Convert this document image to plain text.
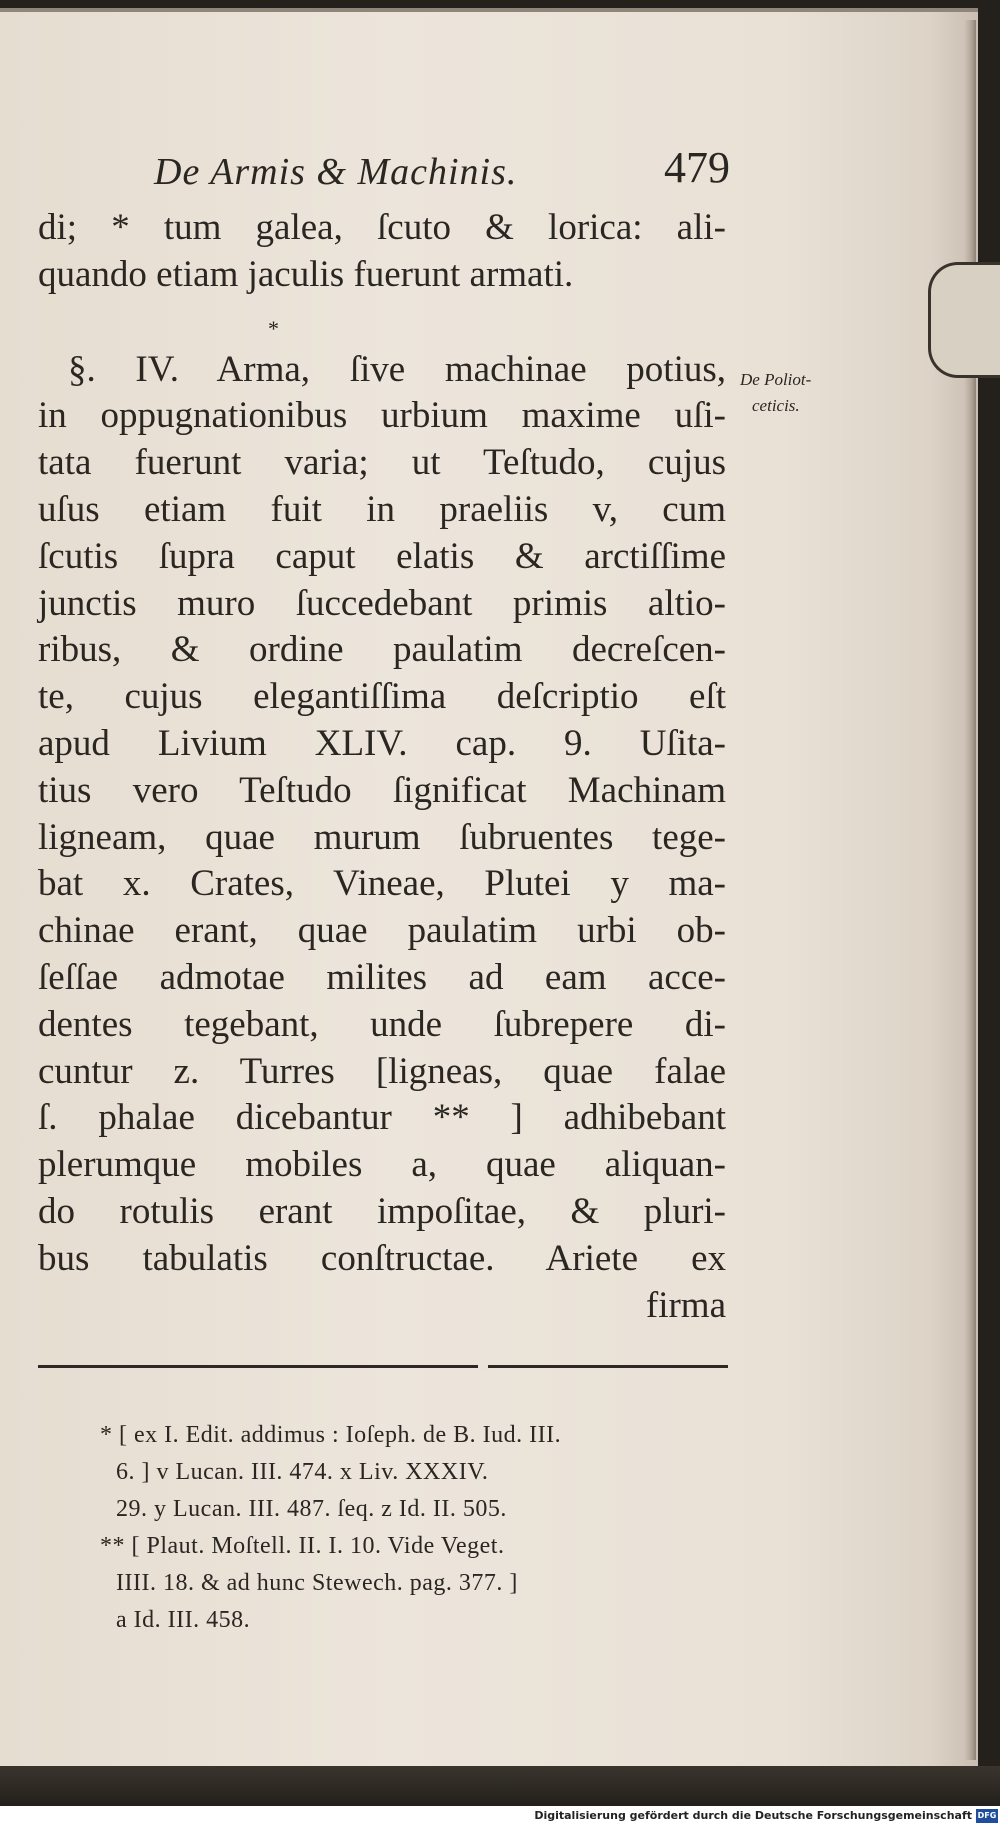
De Armis & Machinis.	479
di; * tum galea, ſcuto & lorica: ali-
quando etiam jaculis fuerunt armati.
*
§. IV. Arma, ſive machinae potius,
in oppugnationibus urbium maxime uſi-
tata fuerunt varia; ut Teſtudo, cujus
uſus etiam fuit in praeliis v, cum
ſcutis ſupra caput elatis & arctiſſime
junctis muro ſuccedebant primis altio-
ribus, & ordine paulatim decreſcen-
te, cujus elegantiſſima deſcriptio eſt
apud Livium XLIV. cap. 9. Uſita-
tius vero Teſtudo ſignificat Machinam
ligneam, quae murum ſubruentes tege-
bat x. Crates, Vineae, Plutei y ma-
chinae erant, quae paulatim urbi ob-
ſeſſae admotae milites ad eam acce-
dentes tegebant, unde ſubrepere di-
cuntur z. Turres [ligneas, quae falae
ſ. phalae dicebantur ** ] adhibebant
plerumque mobiles a, quae aliquan-
do rotulis erant impoſitae, & pluri-
bus tabulatis conſtructae. Ariete ex
firma
De Poliot-
ceticis.
* [ ex I. Edit. addimus : Ioſeph. de B. Iud. III.
6. ] v Lucan. III. 474. x Liv. XXXIV.
29. y Lucan. III. 487. ſeq. z Id. II. 505.
** [ Plaut. Moſtell. II. I. 10. Vide Veget.
IIII. 18. & ad hunc Stewech. pag. 377. ]
a Id. III. 458.
Digitalisierung gefördert durch die Deutsche Forschungsgemeinschaft DFG
